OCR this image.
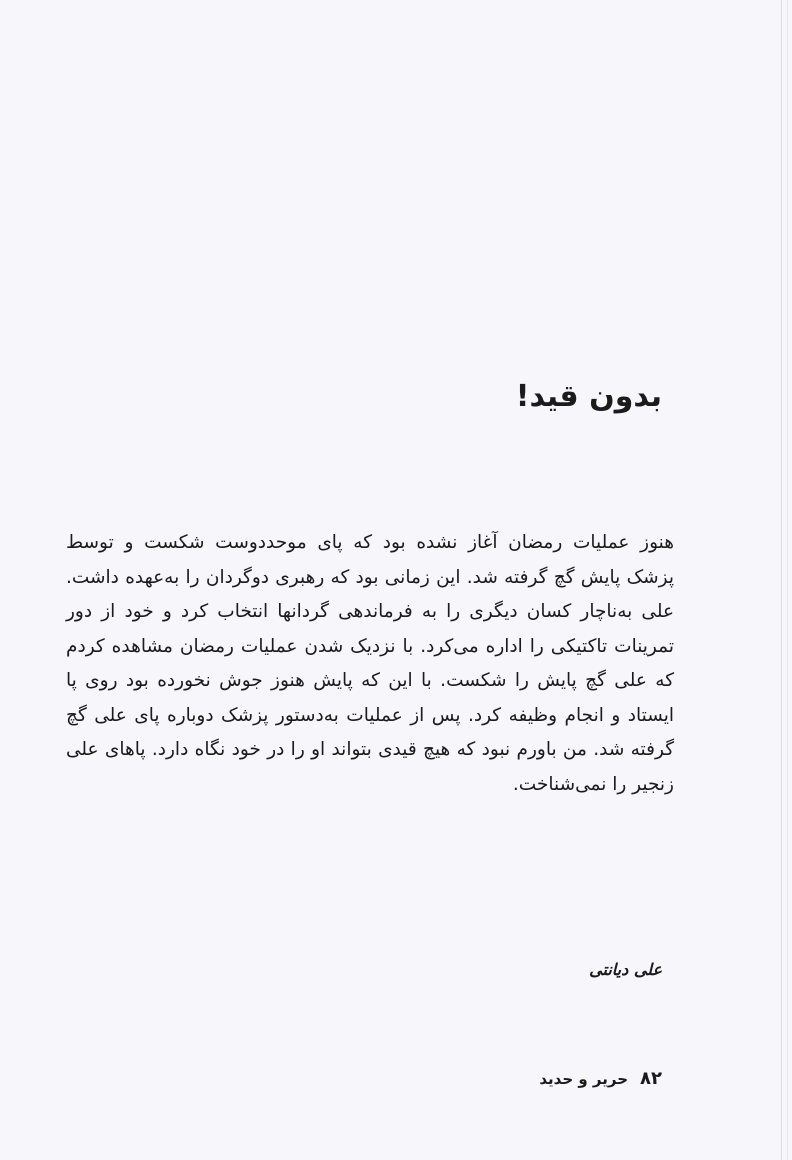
بدون قید!

هنوز عملیات رمضان آغاز نشده بود که پای موحددوست شکست و توسط پزشک پایش گچ گرفته شد. این زمانی بود که رهبری دوگردان را به‌عهده داشت. علی به‌ناچار کسان دیگری را به فرماندهی گردانها انتخاب کرد و خود از دور تمرینات تاکتیکی را اداره می‌کرد. با نزدیک شدن عملیات رمضان مشاهده کردم که علی گچ پایش را شکست. با این که پایش هنوز جوش نخورده بود روی پا ایستاد و انجام وظیفه کرد. پس از عملیات به‌دستور پزشک دوباره پای علی گچ گرفته شد. من باورم نبود که هیچ قیدی بتواند او را در خود نگاه دارد. پاهای علی زنجیر را نمی‌شناخت.

علی دیانتی

۸۲
حریر و حدید
